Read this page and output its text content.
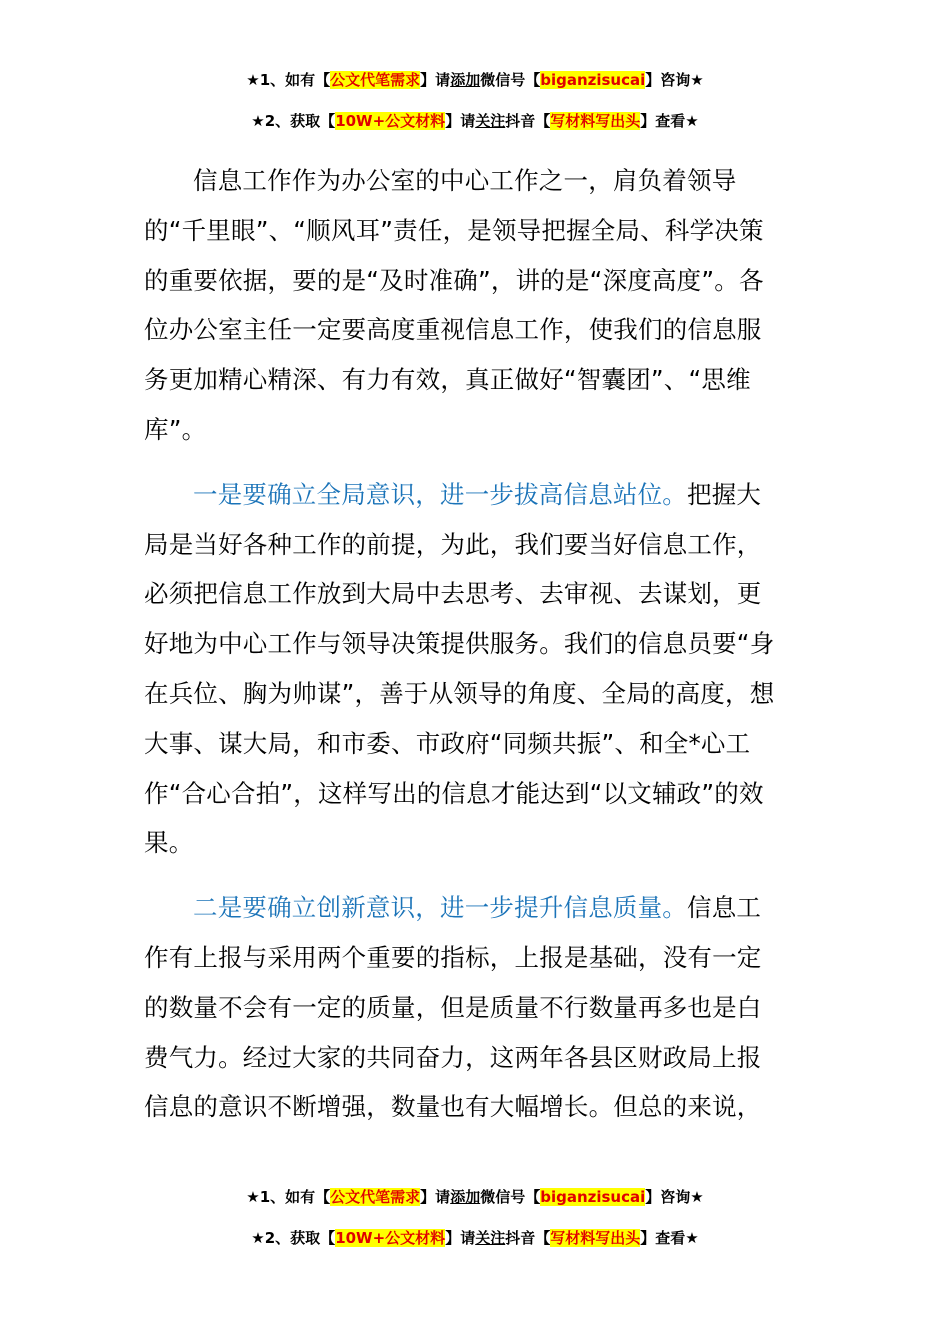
★1、如有【公文代笔需求】请添加微信号【biganzisucai】咨询★
★2、获取【10W+公文材料】请关注抖音【写材料写出头】查看★
信息工作作为办公室的中心工作之一，肩负着领导
的“千里眼”、“顺风耳”责任，是领导把握全局、科学决策
的重要依据，要的是“及时准确”，讲的是“深度高度”。各
位办公室主任一定要高度重视信息工作，使我们的信息服
务更加精心精深、有力有效，真正做好“智囊团”、“思维
库”。
一是要确立全局意识，进一步拔高信息站位。把握大
局是当好各种工作的前提，为此，我们要当好信息工作，
必须把信息工作放到大局中去思考、去审视、去谋划，更
好地为中心工作与领导决策提供服务。我们的信息员要“身
在兵位、胸为帅谋”，善于从领导的角度、全局的高度，想
大事、谋大局，和市委、市政府“同频共振”、和全*心工
作“合心合拍”，这样写出的信息才能达到“以文辅政”的效
果。
二是要确立创新意识，进一步提升信息质量。信息工
作有上报与采用两个重要的指标，上报是基础，没有一定
的数量不会有一定的质量，但是质量不行数量再多也是白
费气力。经过大家的共同奋力，这两年各县区财政局上报
信息的意识不断增强，数量也有大幅增长。但总的来说，
★1、如有【公文代笔需求】请添加微信号【biganzisucai】咨询★
★2、获取【10W+公文材料】请关注抖音【写材料写出头】查看★
